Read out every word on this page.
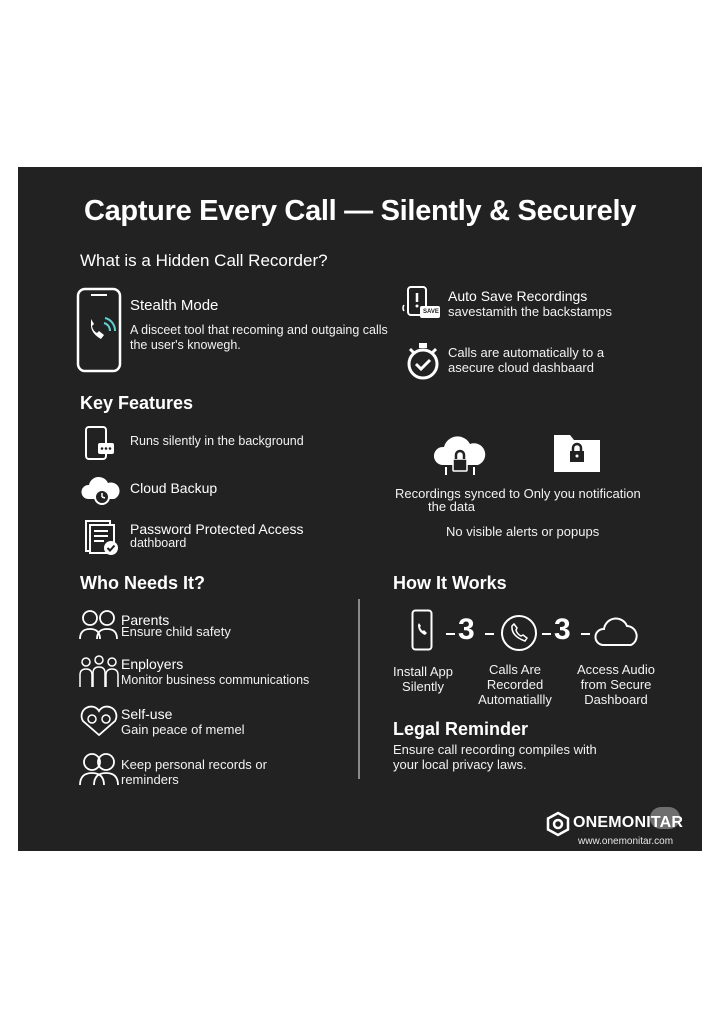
Capture Every Call — Silently & Securely
What is a Hidden Call Recorder?
Stealth Mode
A disceet tool that recoming and outgaing calls
the user's knowegh.
SAVE
Auto Save Recordings
savestamith the backstamps
Calls are automatically to a
asecure cloud dashbaard
Key Features
Runs silently in the background
Cloud Backup
Password Protected Access
dathboard
Recordings synced to Only you notification
the data
No visible alerts or popups
Who Needs It?
Parents
Ensure child safety
Enployers
Monitor business communications
Self-use
Gain peace of memel
Keep personal records or
reminders
How It Works
3	3
Install App
Silently
Calls Are
Recorded
Automatiallly
Access Audio
from Secure
Dashboard
Legal Reminder
Ensure call recording compiles with
your local privacy laws.
ONEMONITAR
www.onemonitar.com
